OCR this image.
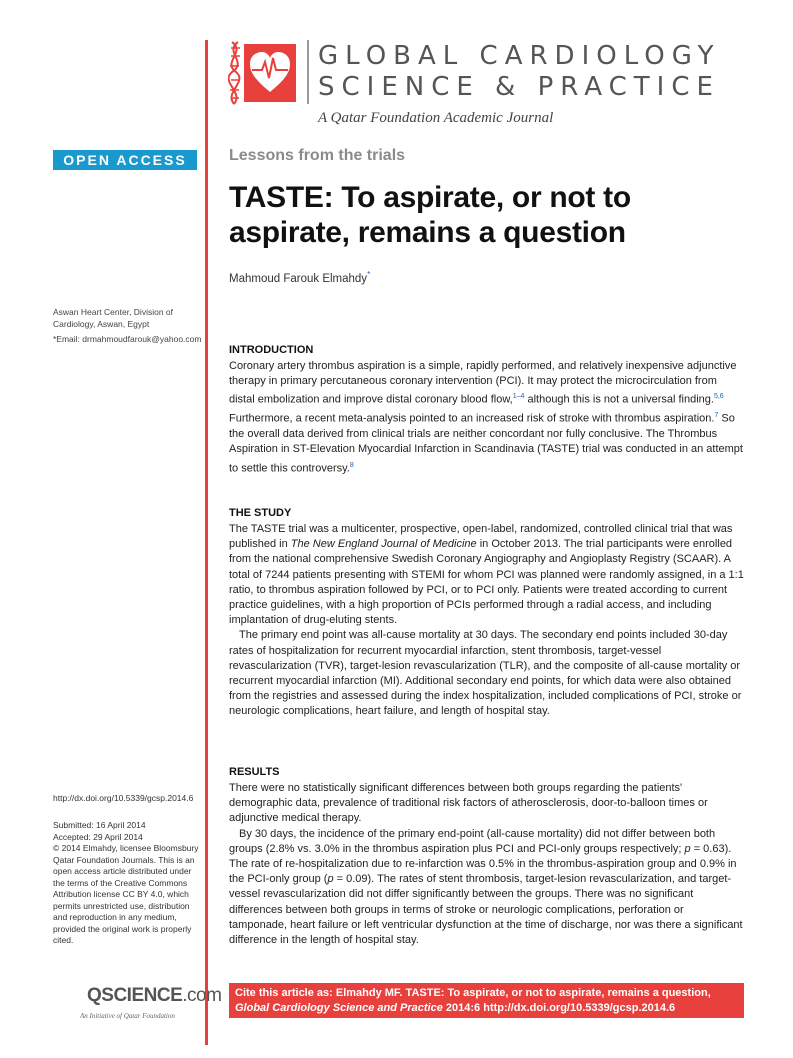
GLOBAL CARDIOLOGY
SCIENCE & PRACTICE
A Qatar Foundation Academic Journal
OPEN ACCESS
Aswan Heart Center, Division of Cardiology, Aswan, Egypt
*Email: drmahmoudfarouk@yahoo.com
http://dx.doi.org/10.5339/gcsp.2014.6
Submitted: 16 April 2014
Accepted: 29 April 2014
© 2014 Elmahdy, licensee Bloomsbury Qatar Foundation Journals. This is an open access article distributed under the terms of the Creative Commons Attribution license CC BY 4.0, which permits unrestricted use, distribution and reproduction in any medium, provided the original work is properly cited.
QSCIENCE.com
An Initiative of Qatar Foundation
Lessons from the trials
TASTE: To aspirate, or not to aspirate, remains a question
Mahmoud Farouk Elmahdy*
INTRODUCTION

Coronary artery thrombus aspiration is a simple, rapidly performed, and relatively inexpensive adjunctive therapy in primary percutaneous coronary intervention (PCI). It may protect the microcirculation from distal embolization and improve distal coronary blood flow,$^{1-4}$ although this is not a universal finding.$^{5,6}$ Furthermore, a recent meta-analysis pointed to an increased risk of stroke with thrombus aspiration.$^7$ So the overall data derived from clinical trials are neither concordant nor fully conclusive. The Thrombus Aspiration in ST-Elevation Myocardial Infarction in Scandinavia (TASTE) trial was conducted in an attempt to settle this controversy.$^8$

THE STUDY

The TASTE trial was a multicenter, prospective, open-label, randomized, controlled clinical trial that was published in The New England Journal of Medicine in October 2013. The trial participants were enrolled from the national comprehensive Swedish Coronary Angiography and Angioplasty Registry (SCAAR). A total of 7244 patients presenting with STEMI for whom PCI was planned were randomly assigned, in a 1:1 ratio, to thrombus aspiration followed by PCI, or to PCI only. Patients were treated according to current practice guidelines, with a high proportion of PCIs performed through a radial access, and including implantation of drug-eluting stents.
The primary end point was all-cause mortality at 30 days. The secondary end points included 30-day rates of hospitalization for recurrent myocardial infarction, stent thrombosis, target-vessel revascularization (TVR), target-lesion revascularization (TLR), and the composite of all-cause mortality or recurrent myocardial infarction (MI). Additional secondary end points, for which data were also obtained from the registries and assessed during the index hospitalization, included complications of PCI, stroke or neurologic complications, heart failure, and length of hospital stay.

RESULTS

There were no statistically significant differences between both groups regarding the patients' demographic data, prevalence of traditional risk factors of atherosclerosis, door-to-balloon times or adjunctive medical therapy.
By 30 days, the incidence of the primary end-point (all-cause mortality) did not differ between both groups (2.8% vs. 3.0% in the thrombus aspiration plus PCI and PCI-only groups respectively; p = 0.63). The rate of re-hospitalization due to re-infarction was 0.5% in the thrombus-aspiration group and 0.9% in the PCI-only group (p = 0.09). The rates of stent thrombosis, target-lesion revascularization, and target-vessel revascularization did not differ significantly between the groups. There was no significant differences between both groups in terms of stroke or neurologic complications, perforation or tamponade, heart failure or left ventricular dysfunction at the time of discharge, nor was there a significant difference in the length of hospital stay.

Cite this article as: Elmahdy MF. TASTE: To aspirate, or not to aspirate, remains a question, Global Cardiology Science and Practice 2014:6 http://dx.doi.org/10.5339/gcsp.2014.6
